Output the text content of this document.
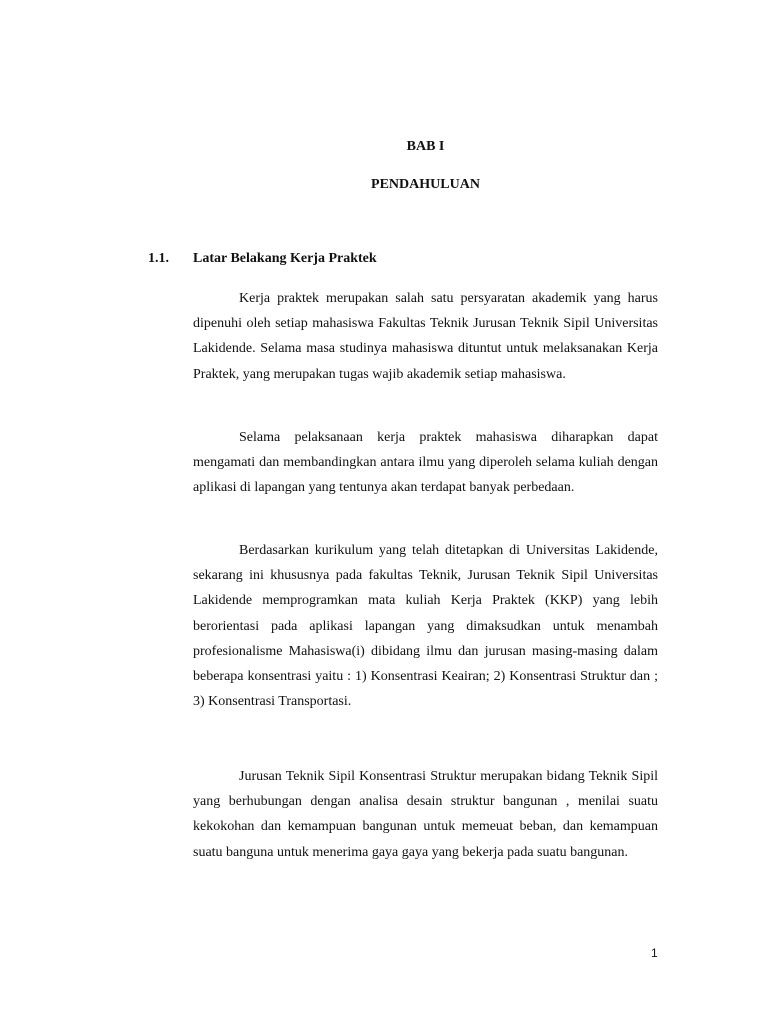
BAB I
PENDAHULUAN
1.1. Latar Belakang Kerja Praktek

Kerja praktek merupakan salah satu persyaratan akademik yang harus dipenuhi oleh setiap mahasiswa Fakultas Teknik Jurusan Teknik Sipil Universitas Lakidende. Selama masa studinya mahasiswa dituntut untuk melaksanakan Kerja Praktek, yang merupakan tugas wajib akademik setiap mahasiswa.

Selama pelaksanaan kerja praktek mahasiswa diharapkan dapat mengamati dan membandingkan antara ilmu yang diperoleh selama kuliah dengan aplikasi di lapangan yang tentunya akan terdapat banyak perbedaan.

Berdasarkan kurikulum yang telah ditetapkan di Universitas Lakidende, sekarang ini khususnya pada fakultas Teknik, Jurusan Teknik Sipil Universitas Lakidende memprogramkan mata kuliah Kerja Praktek (KKP) yang lebih berorientasi pada aplikasi lapangan yang dimaksudkan untuk menambah profesionalisme Mahasiswa(i) dibidang ilmu dan jurusan masing-masing dalam beberapa konsentrasi yaitu : 1) Konsentrasi Keairan; 2) Konsentrasi Struktur dan ; 3) Konsentrasi Transportasi.

Jurusan Teknik Sipil Konsentrasi Struktur merupakan bidang Teknik Sipil yang berhubungan dengan analisa desain struktur bangunan , menilai suatu kekokohan dan kemampuan bangunan untuk memeuat beban, dan kemampuan suatu banguna untuk menerima gaya gaya yang bekerja pada suatu bangunan.

1
